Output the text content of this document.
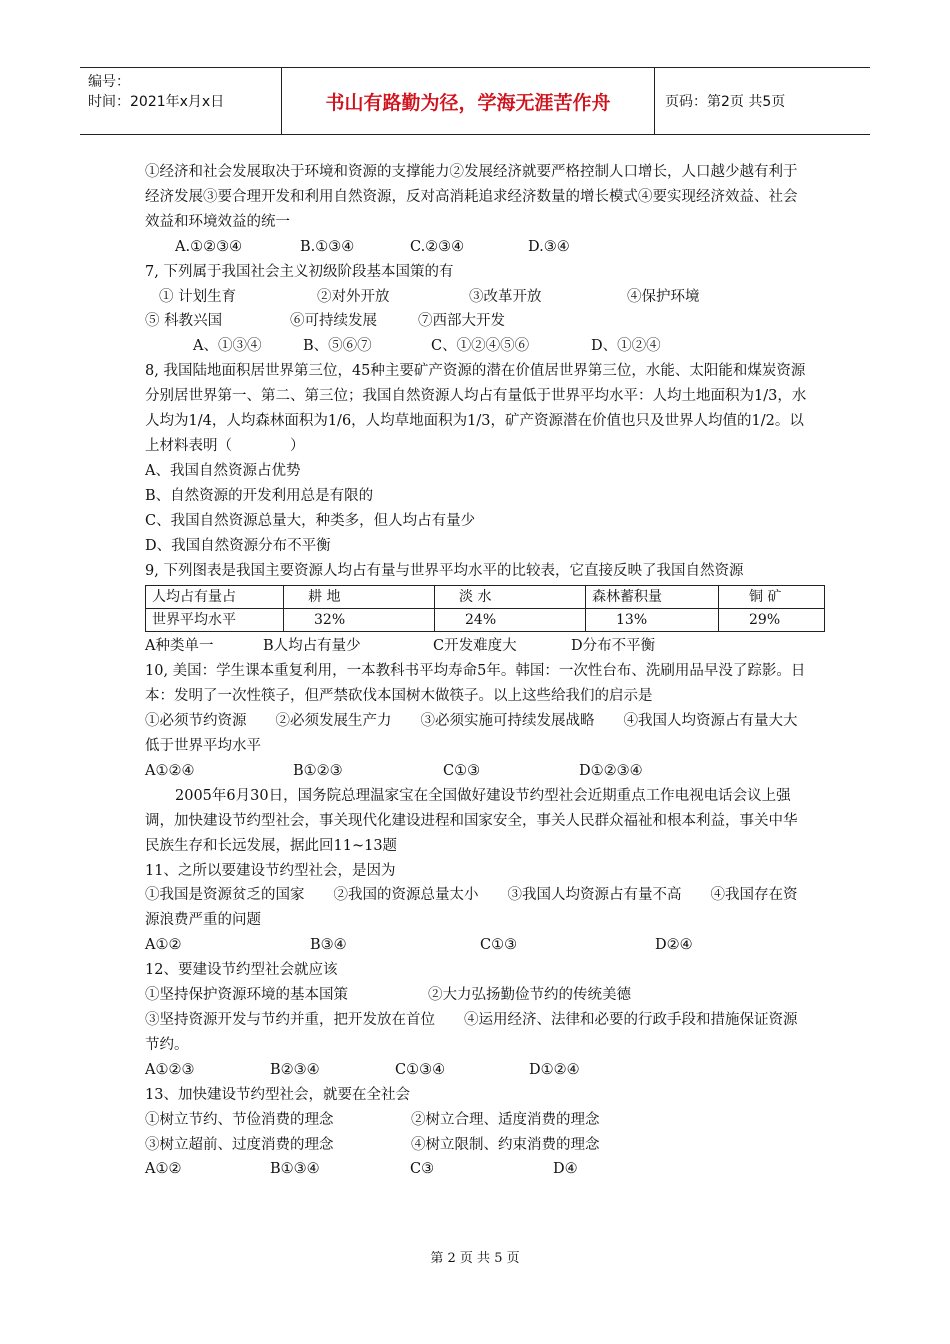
编号：
时间：2021年x月x日	书山有路勤为径，学海无涯苦作舟	页码：第2页 共5页
①经济和社会发展取决于环境和资源的支撑能力②发展经济就要严格控制人口增长，人口越少越有利于经济发展③要合理开发和利用自然资源，反对高消耗追求经济数量的增长模式④要实现经济效益、社会效益和环境效益的统一
A.①②③④	B.①③④	C.②③④	D.③④
7, 下列属于我国社会主义初级阶段基本国策的有
① 计划生育	②对外开放	③改革开放	④保护环境
⑤ 科教兴国	⑥可持续发展	⑦西部大开发
A、①③④	B、⑤⑥⑦	C、①②④⑤⑥	D、①②④
8, 我国陆地面积居世界第三位，45种主要矿产资源的潜在价值居世界第三位，水能、太阳能和煤炭资源分别居世界第一、第二、第三位；我国自然资源人均占有量低于世界平均水平：人均土地面积为1/3，水人均为1/4，人均森林面积为1/6，人均草地面积为1/3，矿产资源潜在价值也只及世界人均值的1/2。以上材料表明（　　　　）
A、我国自然资源占优势
B、自然资源的开发利用总是有限的
C、我国自然资源总量大，种类多，但人均占有量少
D、我国自然资源分布不平衡
9, 下列图表是我国主要资源人均占有量与世界平均水平的比较表，它直接反映了我国自然资源
人均占有量占	耕 地	淡 水	森林蓄积量	铜 矿
世界平均水平	32%	24%	13%	29%
A种类单一	B人均占有量少	C开发难度大	D分布不平衡
10, 美国：学生课本重复利用，一本教科书平均寿命5年。韩国：一次性台布、洗刷用品早没了踪影。日本：发明了一次性筷子，但严禁砍伐本国树木做筷子。以上这些给我们的启示是
①必须节约资源　　②必须发展生产力　　③必须实施可持续发展战略　　④我国人均资源占有量大大低于世界平均水平
A①②④	B①②③	C①③	D①②③④
2005年6月30日，国务院总理温家宝在全国做好建设节约型社会近期重点工作电视电话会议上强调，加快建设节约型社会，事关现代化建设进程和国家安全，事关人民群众福祉和根本利益，事关中华民族生存和长远发展，据此回11~13题
11、之所以要建设节约型社会，是因为
①我国是资源贫乏的国家　　②我国的资源总量太小　　③我国人均资源占有量不高　　④我国存在资源浪费严重的问题
A①②	B③④	C①③	D②④
12、要建设节约型社会就应该
①坚持保护资源环境的基本国策	②大力弘扬勤俭节约的传统美德
③坚持资源开发与节约并重，把开发放在首位　　④运用经济、法律和必要的行政手段和措施保证资源节约。
A①②③	B②③④	C①③④	D①②④
13、加快建设节约型社会，就要在全社会
①树立节约、节俭消费的理念	②树立合理、适度消费的理念
③树立超前、过度消费的理念	④树立限制、约束消费的理念
A①②	B①③④	C③	D④
第 2 页 共 5 页
